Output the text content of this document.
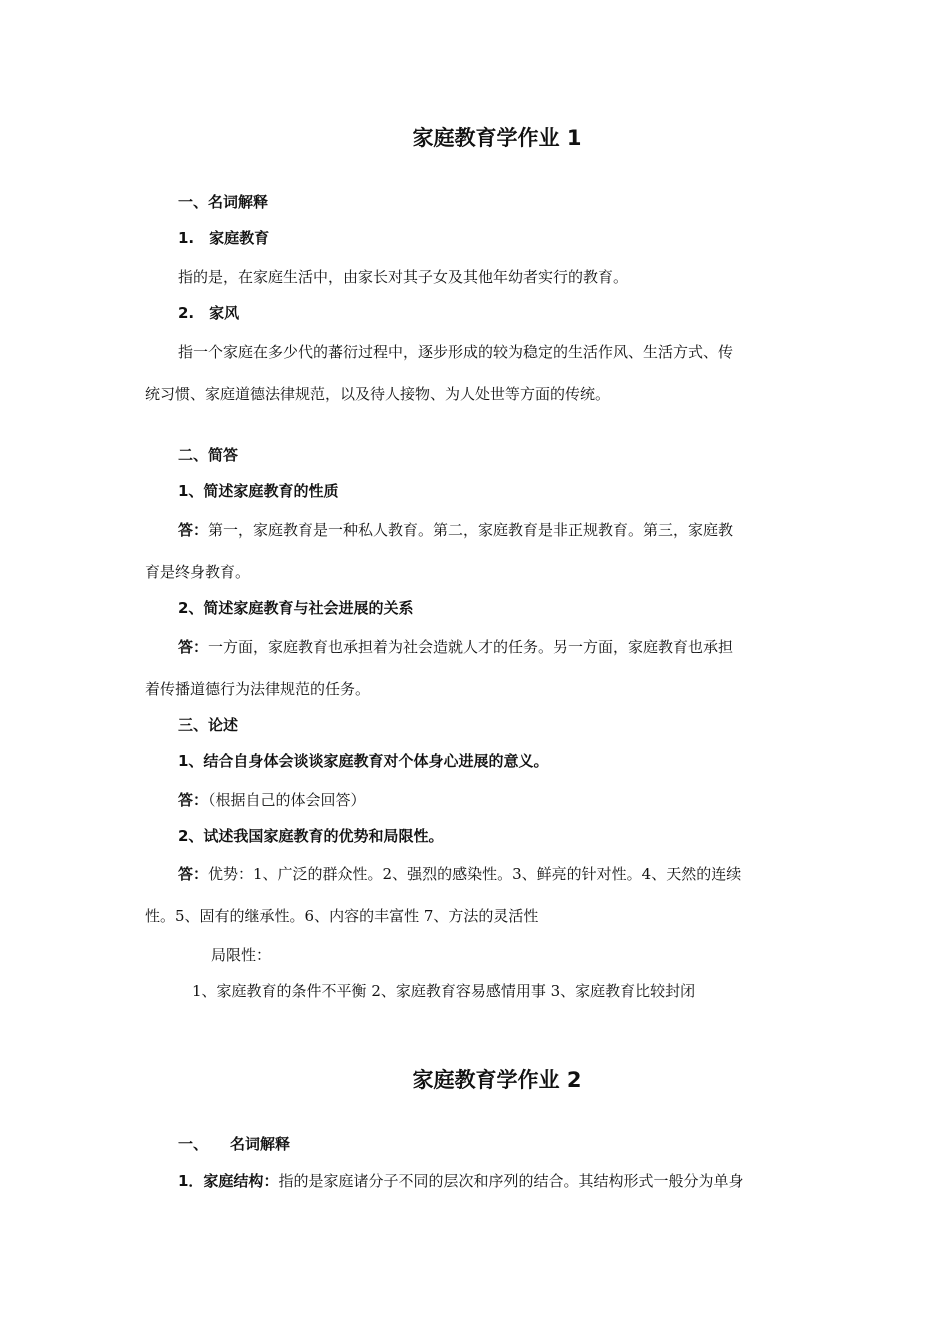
家庭教育学作业 1
一、名词解释
1.　家庭教育
指的是，在家庭生活中，由家长对其子女及其他年幼者实行的教育。
2.　家风
指一个家庭在多少代的蕃衍过程中，逐步形成的较为稳定的生活作风、生活方式、传
统习惯、家庭道德法律规范，以及待人接物、为人处世等方面的传统。
二、简答
1、简述家庭教育的性质
答：第一，家庭教育是一种私人教育。第二，家庭教育是非正规教育。第三，家庭教
育是终身教育。
2、简述家庭教育与社会进展的关系
答：一方面，家庭教育也承担着为社会造就人才的任务。另一方面，家庭教育也承担
着传播道德行为法律规范的任务。
三、论述
1、结合自身体会谈谈家庭教育对个体身心进展的意义。
答：（根据自己的体会回答）
2、试述我国家庭教育的优势和局限性。
答：优势：1、广泛的群众性。2、强烈的感染性。3、鲜亮的针对性。4、天然的连续
性。5、固有的继承性。6、内容的丰富性 7、方法的灵活性
局限性：
1、家庭教育的条件不平衡 2、家庭教育容易感情用事 3、家庭教育比较封闭
家庭教育学作业 2
一、 名词解释
1．家庭结构：指的是家庭诸分子不同的层次和序列的结合。其结构形式一般分为单身
